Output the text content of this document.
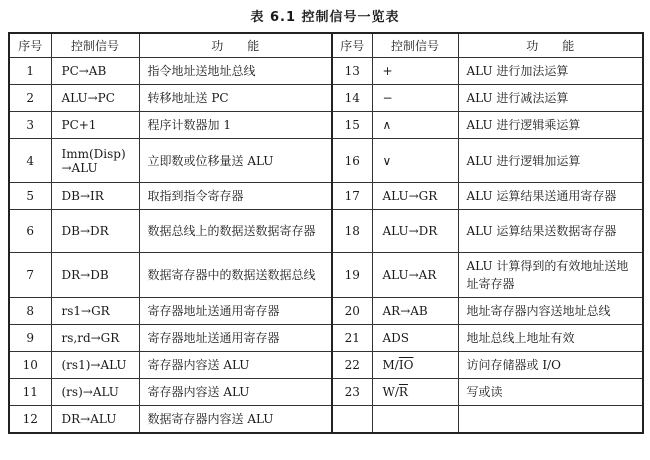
表 6.1 控制信号一览表
序号	控制信号	功　　能	序号	控制信号	功　　能
1	PC→AB	指令地址送地址总线	13	+	ALU 进行加法运算
2	ALU→PC	转移地址送 PC	14	−	ALU 进行减法运算
3	PC+1	程序计数器加 1	15	∧	ALU 进行逻辑乘运算
4	Imm(Disp)
→ALU	立即数或位移量送 ALU	16	∨	ALU 进行逻辑加运算
5	DB→IR	取指到指令寄存器	17	ALU→GR	ALU 运算结果送通用寄存器
6	DB→DR	数据总线上的数据送数据寄存器	18	ALU→DR	ALU 运算结果送数据寄存器
7	DR→DB	数据寄存器中的数据送数据总线	19	ALU→AR	ALU 计算得到的有效地址送地址寄存器
8	rs1→GR	寄存器地址送通用寄存器	20	AR→AB	地址寄存器内容送地址总线
9	rs,rd→GR	寄存器地址送通用寄存器	21	ADS	地址总线上地址有效
10	(rs1)→ALU	寄存器内容送 ALU	22	$M/\overline{IO}$	访问存储器或 I/O
11	(rs)→ALU	寄存器内容送 ALU	23	$W/\overline{R}$	写或读
12	DR→ALU	数据寄存器内容送 ALU			
